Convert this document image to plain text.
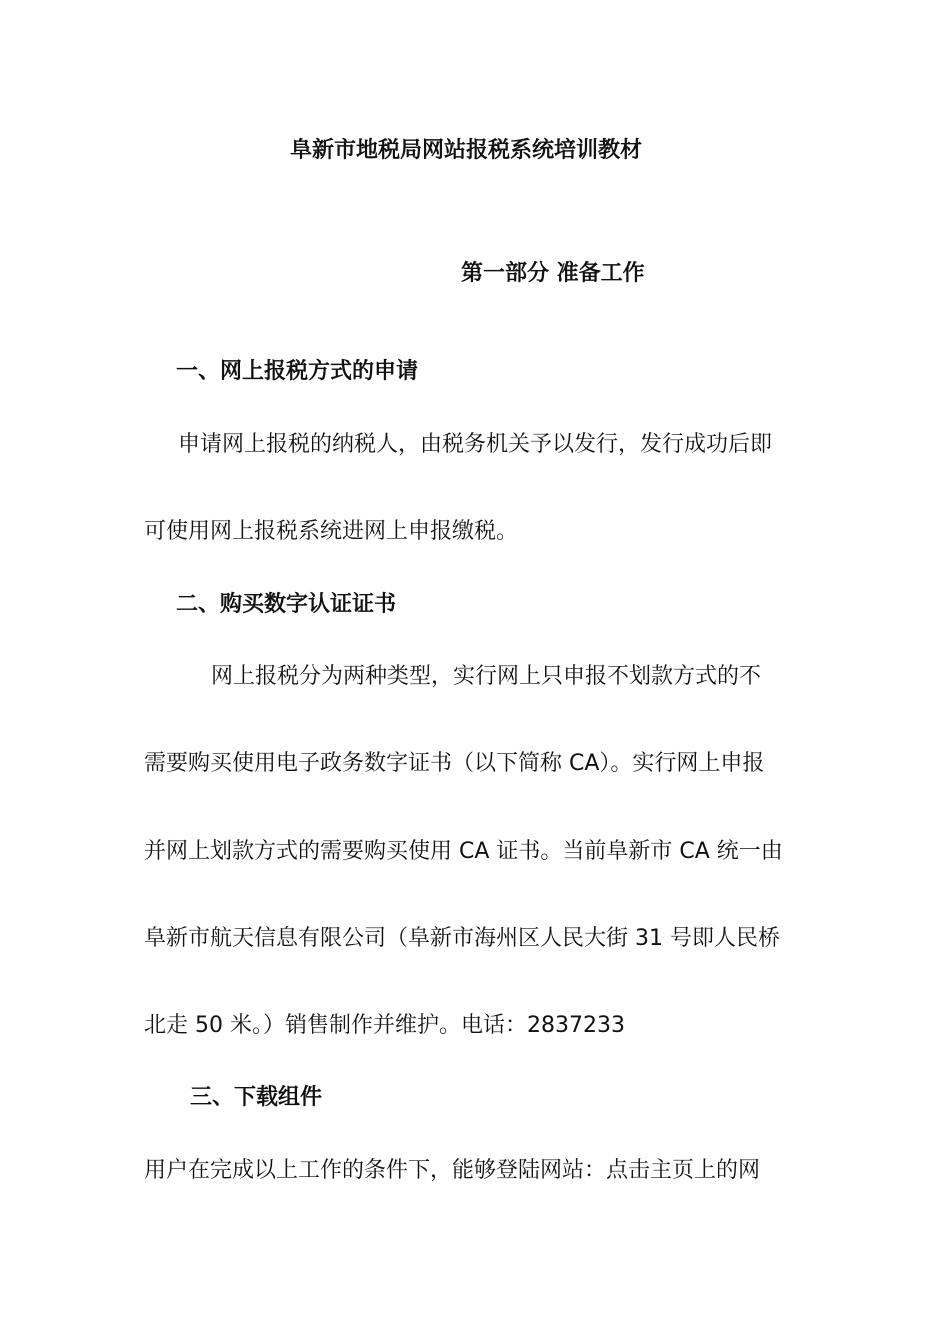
阜新市地税局网站报税系统培训教材
第一部分 准备工作
一、网上报税方式的申请
申请网上报税的纳税人，由税务机关予以发行，发行成功后即
可使用网上报税系统进网上申报缴税。
二、购买数字认证证书
网上报税分为两种类型，实行网上只申报不划款方式的不
需要购买使用电子政务数字证书（以下简称 CA）。实行网上申报
并网上划款方式的需要购买使用 CA 证书。当前阜新市 CA 统一由
阜新市航天信息有限公司（阜新市海州区人民大街 31 号即人民桥
北走 50 米。）销售制作并维护。电话：2837233
三、下载组件
用户在完成以上工作的条件下，能够登陆网站：点击主页上的网
